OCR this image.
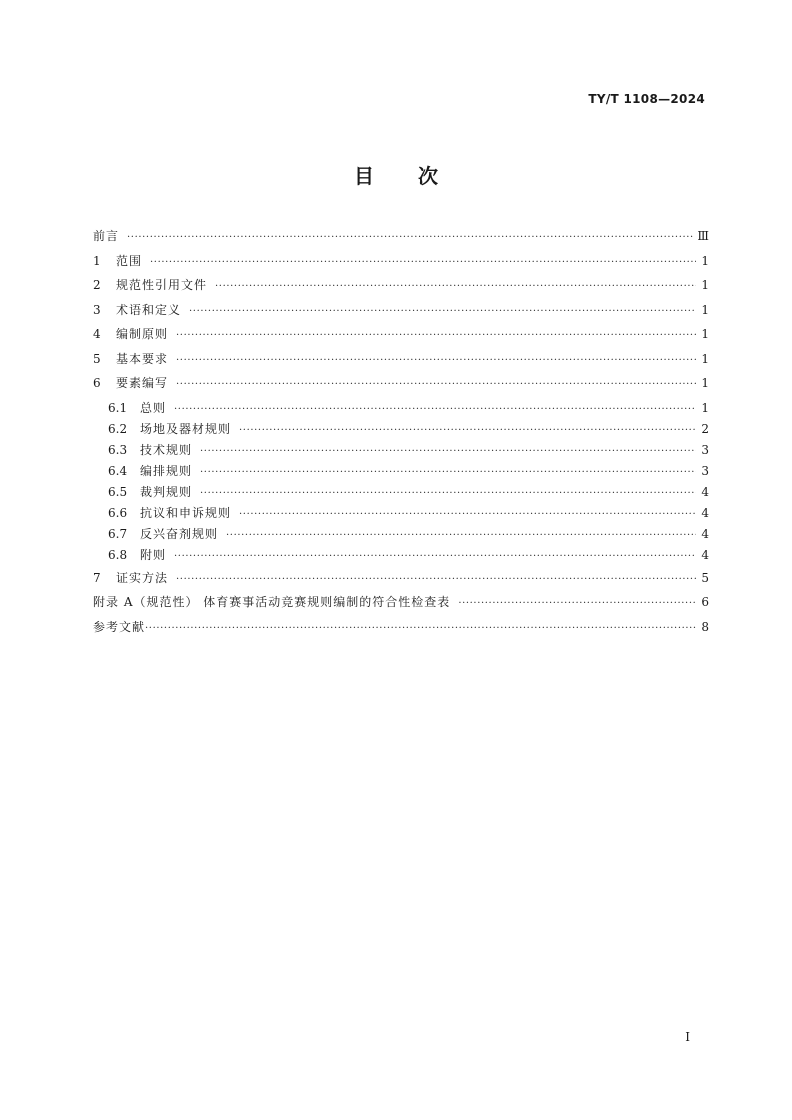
TY/T 1108—2024
目 次
前言 ·····	Ⅲ
1	范围 ·····	1
2	规范性引用文件 ·····	1
3	术语和定义 ·····	1
4	编制原则 ·····	1
5	基本要求 ·····	1
6	要素编写 ·····	1
6.1	总则 ·····	1
6.2	场地及器材规则 ·····	2
6.3	技术规则 ·····	3
6.4	编排规则 ·····	3
6.5	裁判规则 ·····	4
6.6	抗议和申诉规则 ·····	4
6.7	反兴奋剂规则 ·····	4
6.8	附则 ·····	4
7	证实方法 ·····	5
附录 A（规范性） 体育赛事活动竞赛规则编制的符合性检查表 ·····	6
参考文献 ·····	8
I
